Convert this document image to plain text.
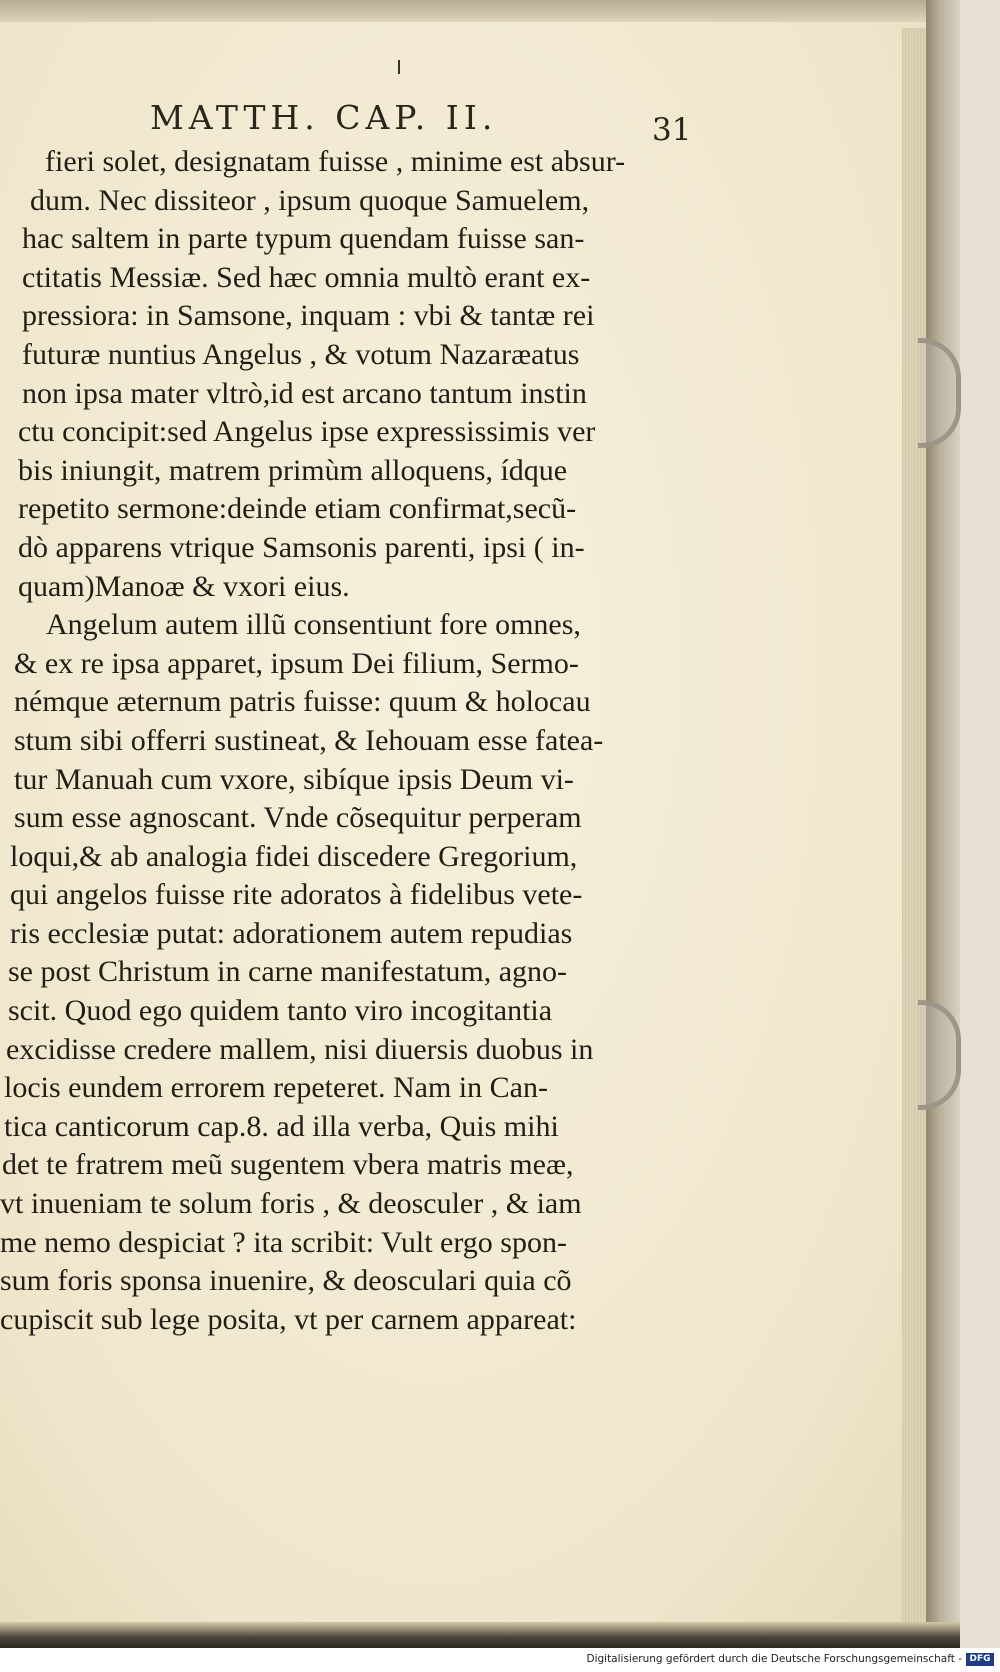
MATTH. CAP. II.	31
fieri solet, designatam fuisse , minime est absur-
dum. Nec dissiteor , ipsum quoque Samuelem,
hac saltem in parte typum quendam fuisse san-
ctitatis Messiæ. Sed hæc omnia multò erant ex-
pressiora: in Samsone, inquam : vbi & tantæ rei
futuræ nuntius Angelus , & votum Nazaræatus
non ipsa mater vltrò,id est arcano tantum instin
ctu concipit:sed Angelus ipse expressissimis ver
bis iniungit, matrem primùm alloquens, ídque
repetito sermone:deinde etiam confirmat,secũ-
dò apparens vtrique Samsonis parenti, ipsi ( in-
quam)Manoæ & vxori eius.
Angelum autem illũ consentiunt fore omnes,
& ex re ipsa apparet, ipsum Dei filium, Sermo-
némque æternum patris fuisse: quum & holocau
stum sibi offerri sustineat, & Iehouam esse fatea-
tur Manuah cum vxore, sibíque ipsis Deum vi-
sum esse agnoscant. Vnde cõsequitur perperam
loqui,& ab analogia fidei discedere Gregorium,
qui angelos fuisse rite adoratos à fidelibus vete-
ris ecclesiæ putat: adorationem autem repudias
se post Christum in carne manifestatum, agno-
scit. Quod ego quidem tanto viro incogitantia
excidisse credere mallem, nisi diuersis duobus in
locis eundem errorem repeteret. Nam in Can-
tica canticorum cap.8. ad illa verba, Quis mihi
det te fratrem meũ sugentem vbera matris meæ,
vt inueniam te solum foris , & deosculer , & iam
me nemo despiciat ? ita scribit: Vult ergo spon-
sum foris sponsa inuenire, & deosculari quia cõ
cupiscit sub lege posita, vt per carnem appareat:
Digitalisierung gefördert durch die Deutsche Forschungsgemeinschaft - DFG
